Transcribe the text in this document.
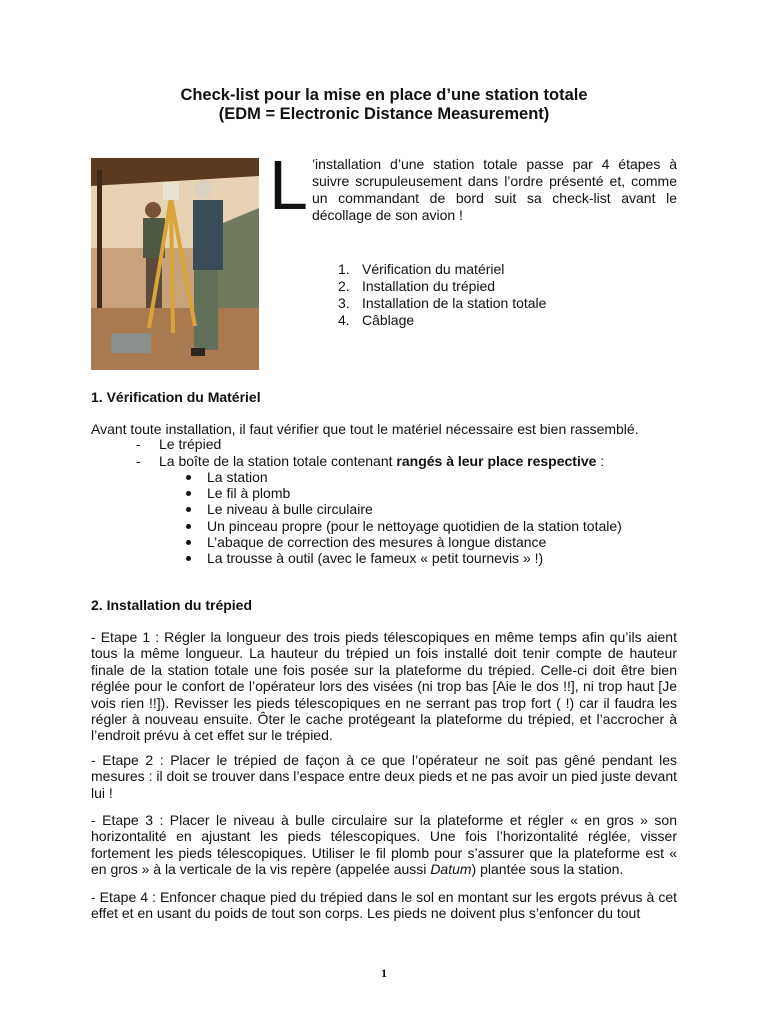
Check-list pour la mise en place d’une station totale
(EDM = Electronic Distance Measurement)
L ’installation d’une station totale passe par 4 étapes à suivre scrupuleusement dans l’ordre présenté et, comme un commandant de bord suit sa check-list avant le décollage de son avion !
1. Vérification du matériel
2. Installation du trépied
3. Installation de la station totale
4. Câblage
1. Vérification du Matériel
Avant toute installation, il faut vérifier que tout le matériel nécessaire est bien rassemblé.
- Le trépied
- La boîte de la station totale contenant rangés à leur place respective :
La station
Le fil à plomb
Le niveau à bulle circulaire
Un pinceau propre (pour le nettoyage quotidien de la station totale)
L’abaque de correction des mesures à longue distance
La trousse à outil (avec le fameux « petit tournevis » !)
2. Installation du trépied
- Etape 1 : Régler la longueur des trois pieds télescopiques en même temps afin qu’ils aient tous la même longueur. La hauteur du trépied un fois installé doit tenir compte de hauteur finale de la station totale une fois posée sur la plateforme du trépied. Celle-ci doit être bien réglée pour le confort de l’opérateur lors des visées (ni trop bas [Aie le dos !!], ni trop haut [Je vois rien !!]). Revisser les pieds télescopiques en ne serrant pas trop fort ( !) car il faudra les régler à nouveau ensuite. Ôter le cache protégeant la plateforme du trépied, et l’accrocher à l’endroit prévu à cet effet sur le trépied.
- Etape 2 : Placer le trépied de façon à ce que l’opérateur ne soit pas gêné pendant les mesures : il doit se trouver dans l’espace entre deux pieds et ne pas avoir un pied juste devant lui !
- Etape 3 : Placer le niveau à bulle circulaire sur la plateforme et régler « en gros » son horizontalité en ajustant les pieds télescopiques. Une fois l’horizontalité réglée, visser fortement les pieds télescopiques. Utiliser le fil plomb pour s’assurer que la plateforme est « en gros » à la verticale de la vis repère (appelée aussi Datum) plantée sous la station.
- Etape 4 : Enfoncer chaque pied du trépied dans le sol en montant sur les ergots prévus à cet effet et en usant du poids de tout son corps. Les pieds ne doivent plus s’enfoncer du tout
1
